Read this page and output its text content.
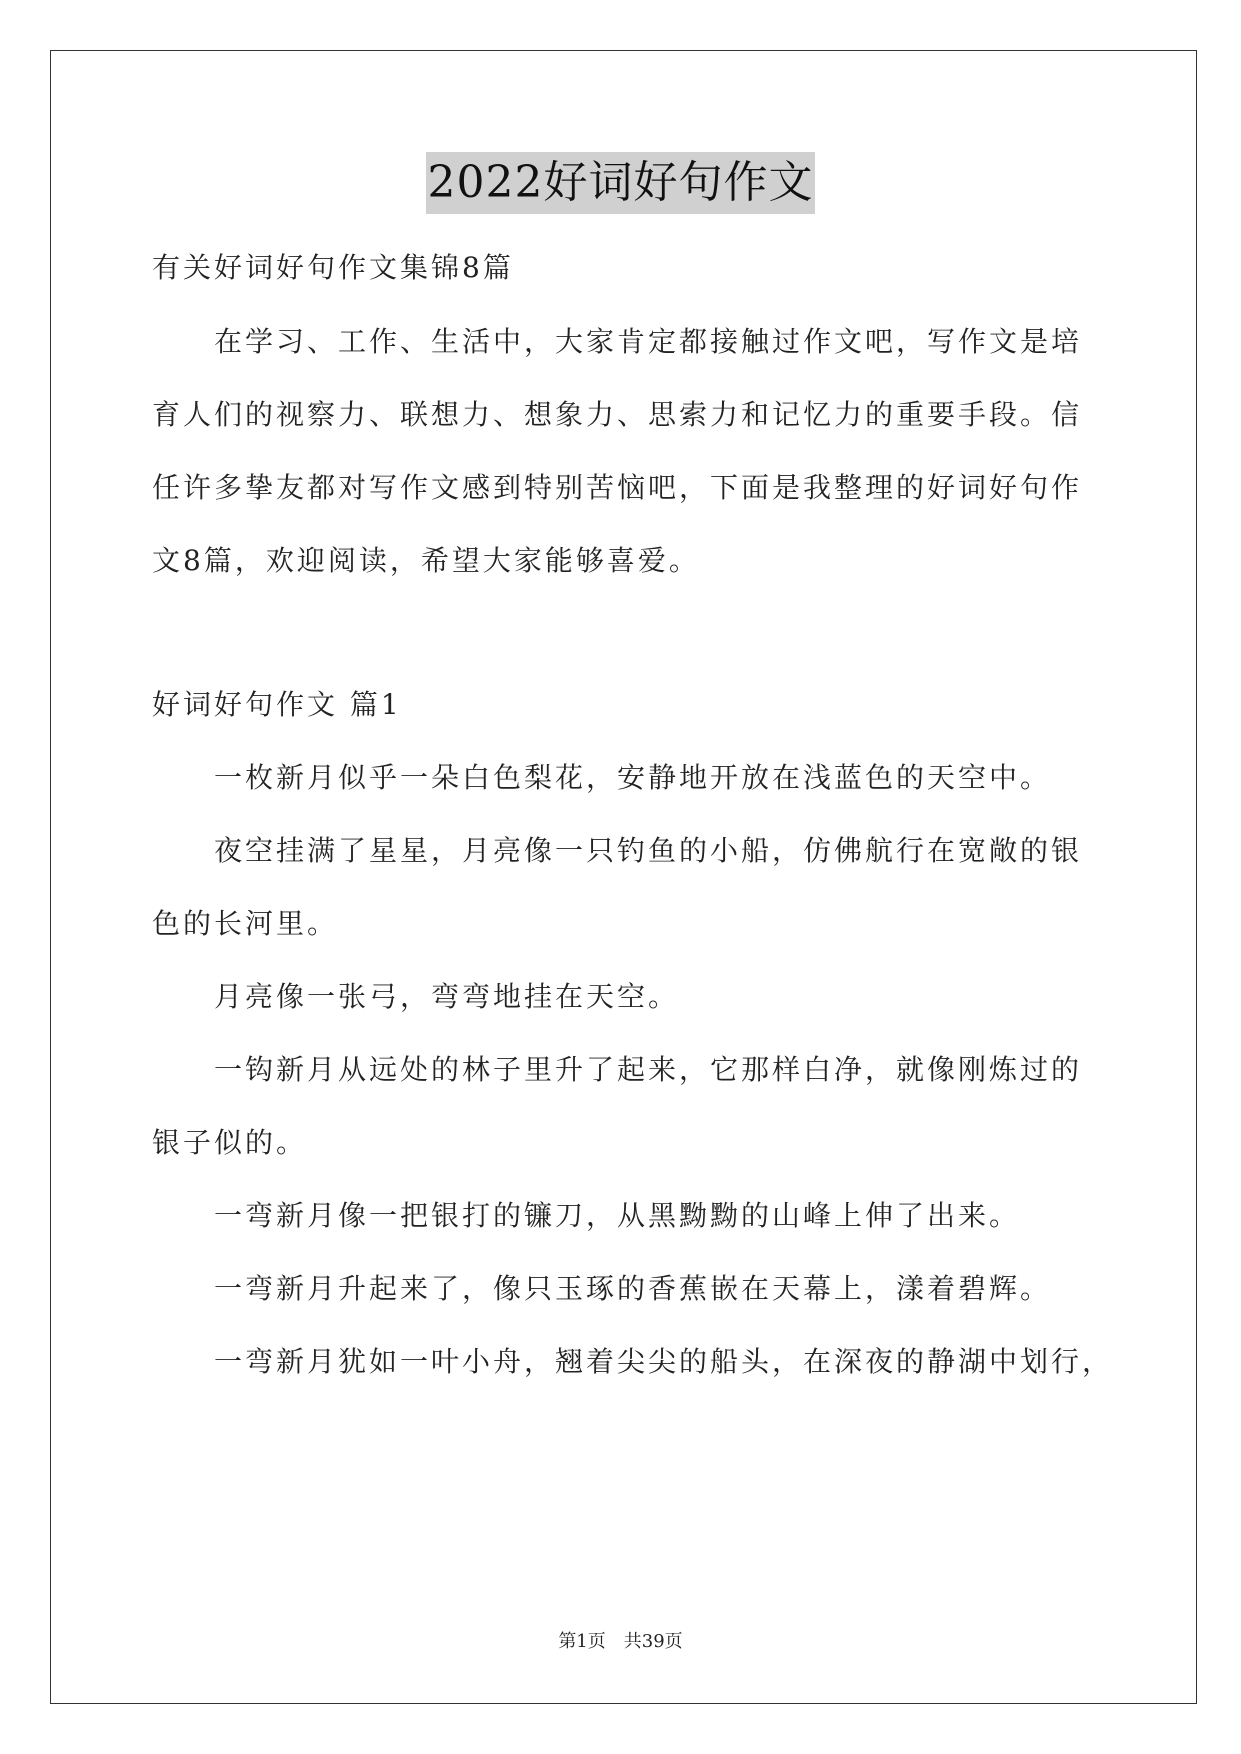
2022好词好句作文
有关好词好句作文集锦8篇
在学习、工作、生活中，大家肯定都接触过作文吧，写作文是培
育人们的视察力、联想力、想象力、思索力和记忆力的重要手段。信
任许多挚友都对写作文感到特别苦恼吧，下面是我整理的好词好句作
文8篇，欢迎阅读，希望大家能够喜爱。
好词好句作文 篇1
一枚新月似乎一朵白色梨花，安静地开放在浅蓝色的天空中。
夜空挂满了星星，月亮像一只钓鱼的小船，仿佛航行在宽敞的银
色的长河里。
月亮像一张弓，弯弯地挂在天空。
一钩新月从远处的林子里升了起来，它那样白净，就像刚炼过的
银子似的。
一弯新月像一把银打的镰刀，从黑黝黝的山峰上伸了出来。
一弯新月升起来了，像只玉琢的香蕉嵌在天幕上，漾着碧辉。
一弯新月犹如一叶小舟，翘着尖尖的船头，在深夜的静湖中划行，
第1页　共39页
